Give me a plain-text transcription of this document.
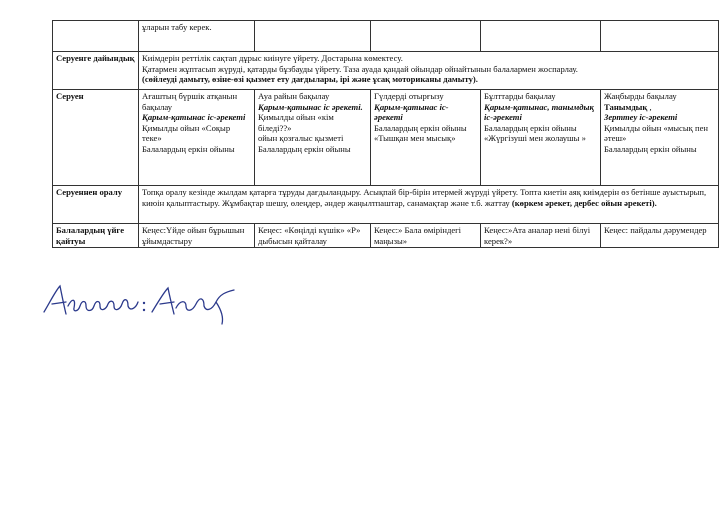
	ұларын табу керек.				
Серуенге дайындық	Киімдерін реттілік сақтап дұрыс киінуге үйрету. Достарына көмектесу.
Қатармен жұптасып жүруді, қатарды бұзбауды үйрету. Таза ауада қандай ойындар ойнайтынын балалармен жоспарлау.
(сөйлеуді дамыту, өзіне-өзі қызмет ету дағдылары, ірі және ұсақ моториканы дамыту).				

Серуен	Ағаштың бүршік атқанын бақылау
Қарым-қатынас іс-әрекеті
Қимылды ойын «Соқыр теке»
Балалардың еркін ойыны	Ауа райын бақылау
Қарым-қатынас іс әрекеті.
Қимылды ойын «кім біледі??»
ойын қозғалыс қызметі
Балалардың еркін ойыны	Гүлдерді отырғызу
Қарым-қатынас іс-әрекеті
Балалардың еркін ойыны «Тышқан мен мысық»	Бұлттарды бақылау
Қарым-қатынас, танымдық іс-әрекеті
Балалардың еркін ойыны «Жүргізуші мен жолаушы »	Жаңбырды бақылау
Танымдық ,
Зерттеу іс-әрекеті
Қимылды ойын «мысық пен әтеш»
Балалардың еркін ойыны

Серуеннен оралу	Топқа оралу кезінде жылдам қатарға тұруды дағдыландыру. Асықпай бір-бірін итермей жүруді үйрету. Топта киетін аяқ киімдерін өз бетінше ауыстырып, киюін қалыптастыру. Жұмбақтар шешу, өлеңдер, әндер жаңылтпаштар, санамақтар және т.б. жаттау (көркем әрекет, дербес ойын әрекеті).				
Балалардың үйге қайтуы	Кеңес:Үйде ойын бұрышын ұйымдастыру	Кеңес: «Көңілді күшік» «Р» дыбысын қайталау	Кеңес:» Бала өміріндегі маңызы»	Кеңес:»Ата аналар нені білуі керек?»	Кеңес: пайдалы дәрумендер
